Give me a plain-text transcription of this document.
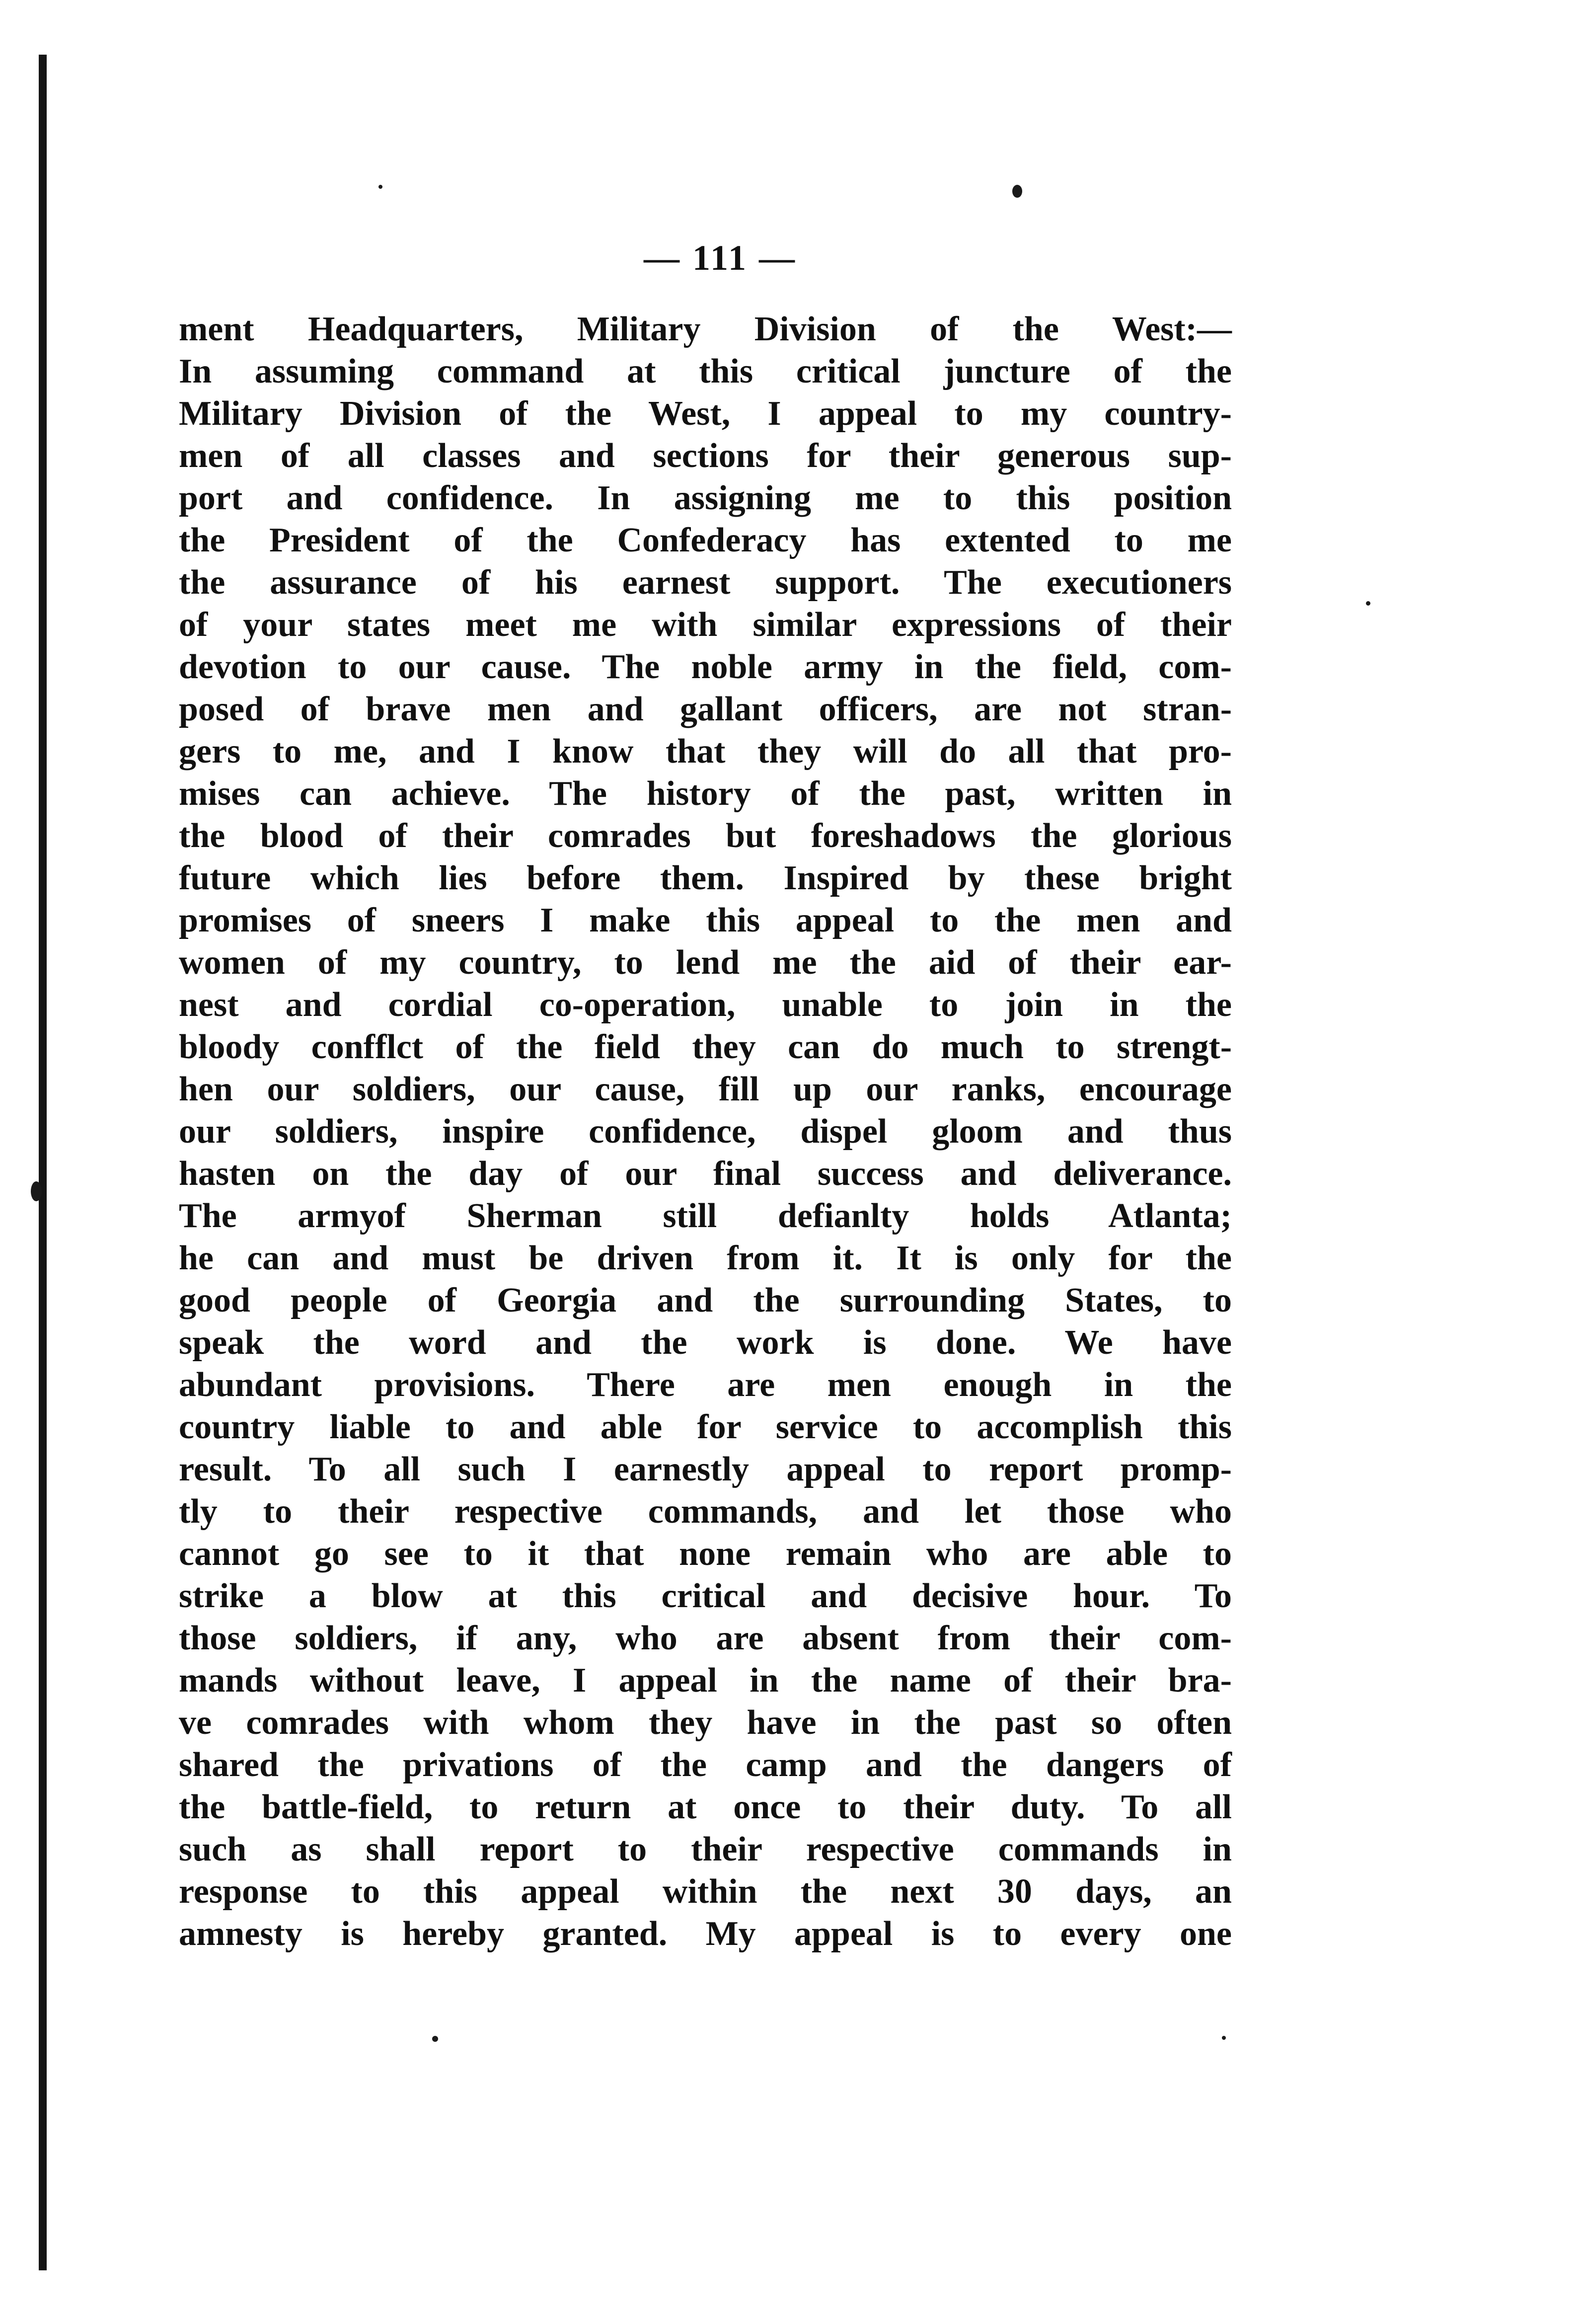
— 111 —
ment Headquarters, Military Division of the West:—
In assuming command at this critical juncture of the
Military Division of the West, I appeal to my country-
men of all classes and sections for their generous sup-
port and confidence. In assigning me to this position
the President of the Confederacy has extented to me
the assurance of his earnest support. The executioners
of your states meet me with similar expressions of their
devotion to our cause. The noble army in the field, com-
posed of brave men and gallant officers, are not stran-
gers to me, and I know that they will do all that pro-
mises can achieve. The history of the past, written in
the blood of their comrades but foreshadows the glorious
future which lies before them. Inspired by these bright
promises of sneers I make this appeal to the men and
women of my country, to lend me the aid of their ear-
nest and cordial co-operation, unable to join in the
bloody confflct of the field they can do much to strengt-
hen our soldiers, our cause, fill up our ranks, encourage
our soldiers, inspire confidence, dispel gloom and thus
hasten on the day of our final success and deliverance.
The armyof Sherman still defianlty holds Atlanta;
he can and must be driven from it. It is only for the
good people of Georgia and the surrounding States, to
speak the word and the work is done. We have
abundant provisions. There are men enough in the
country liable to and able for service to accomplish this
result. To all such I earnestly appeal to report promp-
tly to their respective commands, and let those who
cannot go see to it that none remain who are able to
strike a blow at this critical and decisive hour. To
those soldiers, if any, who are absent from their com-
mands without leave, I appeal in the name of their bra-
ve comrades with whom they have in the past so often
shared the privations of the camp and the dangers of
the battle-field, to return at once to their duty. To all
such as shall report to their respective commands in
response to this appeal within the next 30 days, an
amnesty is hereby granted. My appeal is to every one
